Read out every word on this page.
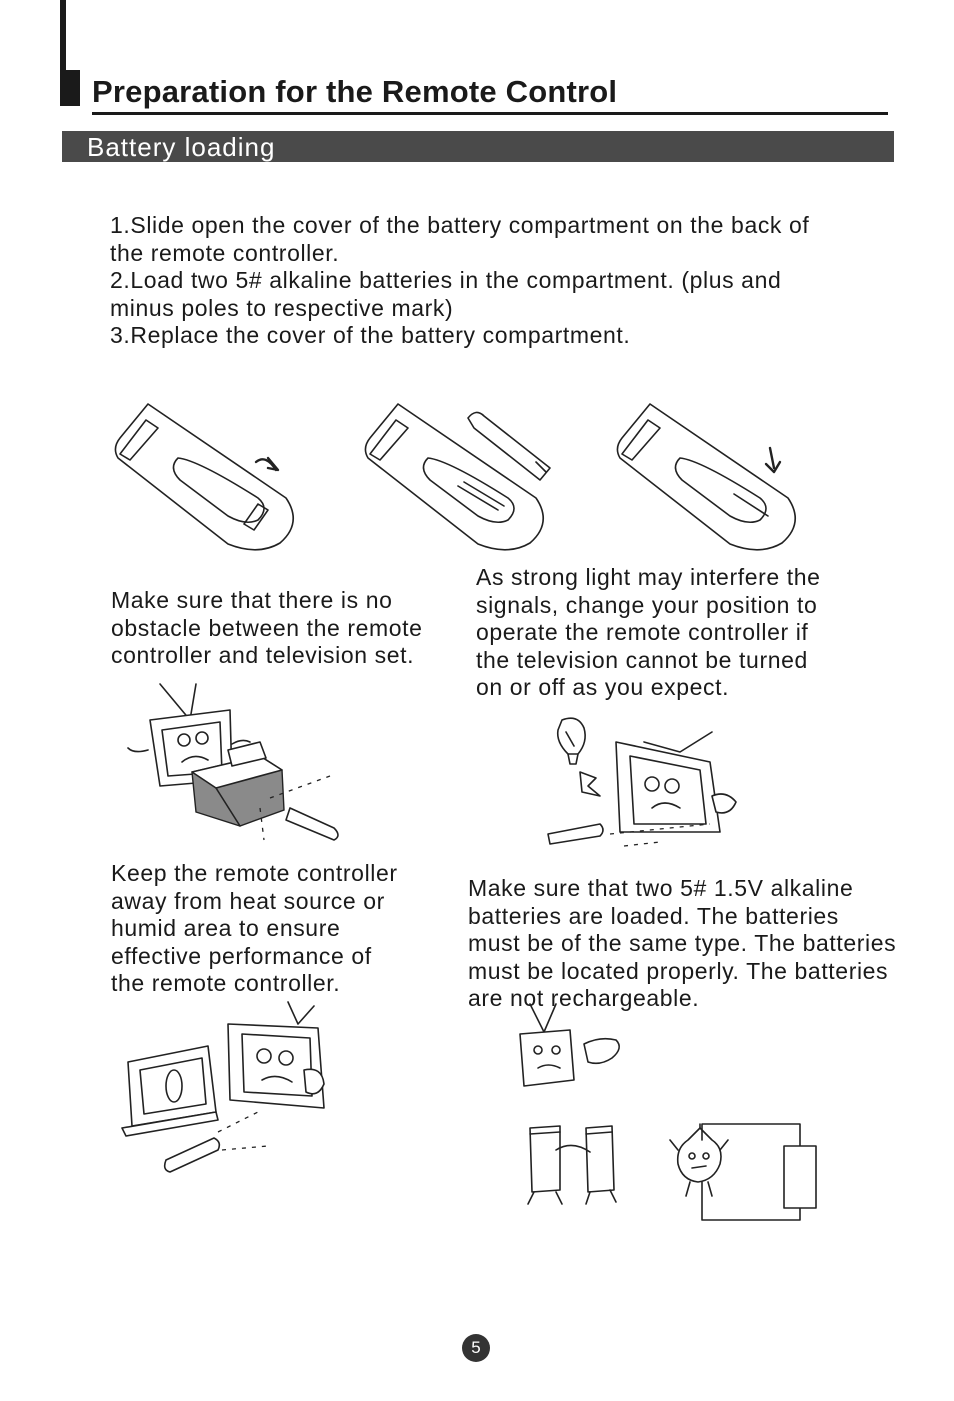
Preparation for the Remote Control
Battery loading
1.Slide open the cover of the battery compartment on the back of
the remote controller.
2.Load two 5# alkaline batteries in the compartment. (plus and
minus poles to respective mark)
3.Replace the cover of the battery compartment.
Make sure that there is no
obstacle between the remote
controller and television set.
As strong light may interfere the
signals, change your position to
operate the remote controller if
the television cannot be turned
on or off as you expect.
Keep the remote controller
away from heat source or
humid area to ensure
effective performance of
the remote controller.
Make sure that two 5# 1.5V alkaline
batteries are loaded. The batteries
must be of the same type. The batteries
must be located properly. The batteries
are not rechargeable.
5
